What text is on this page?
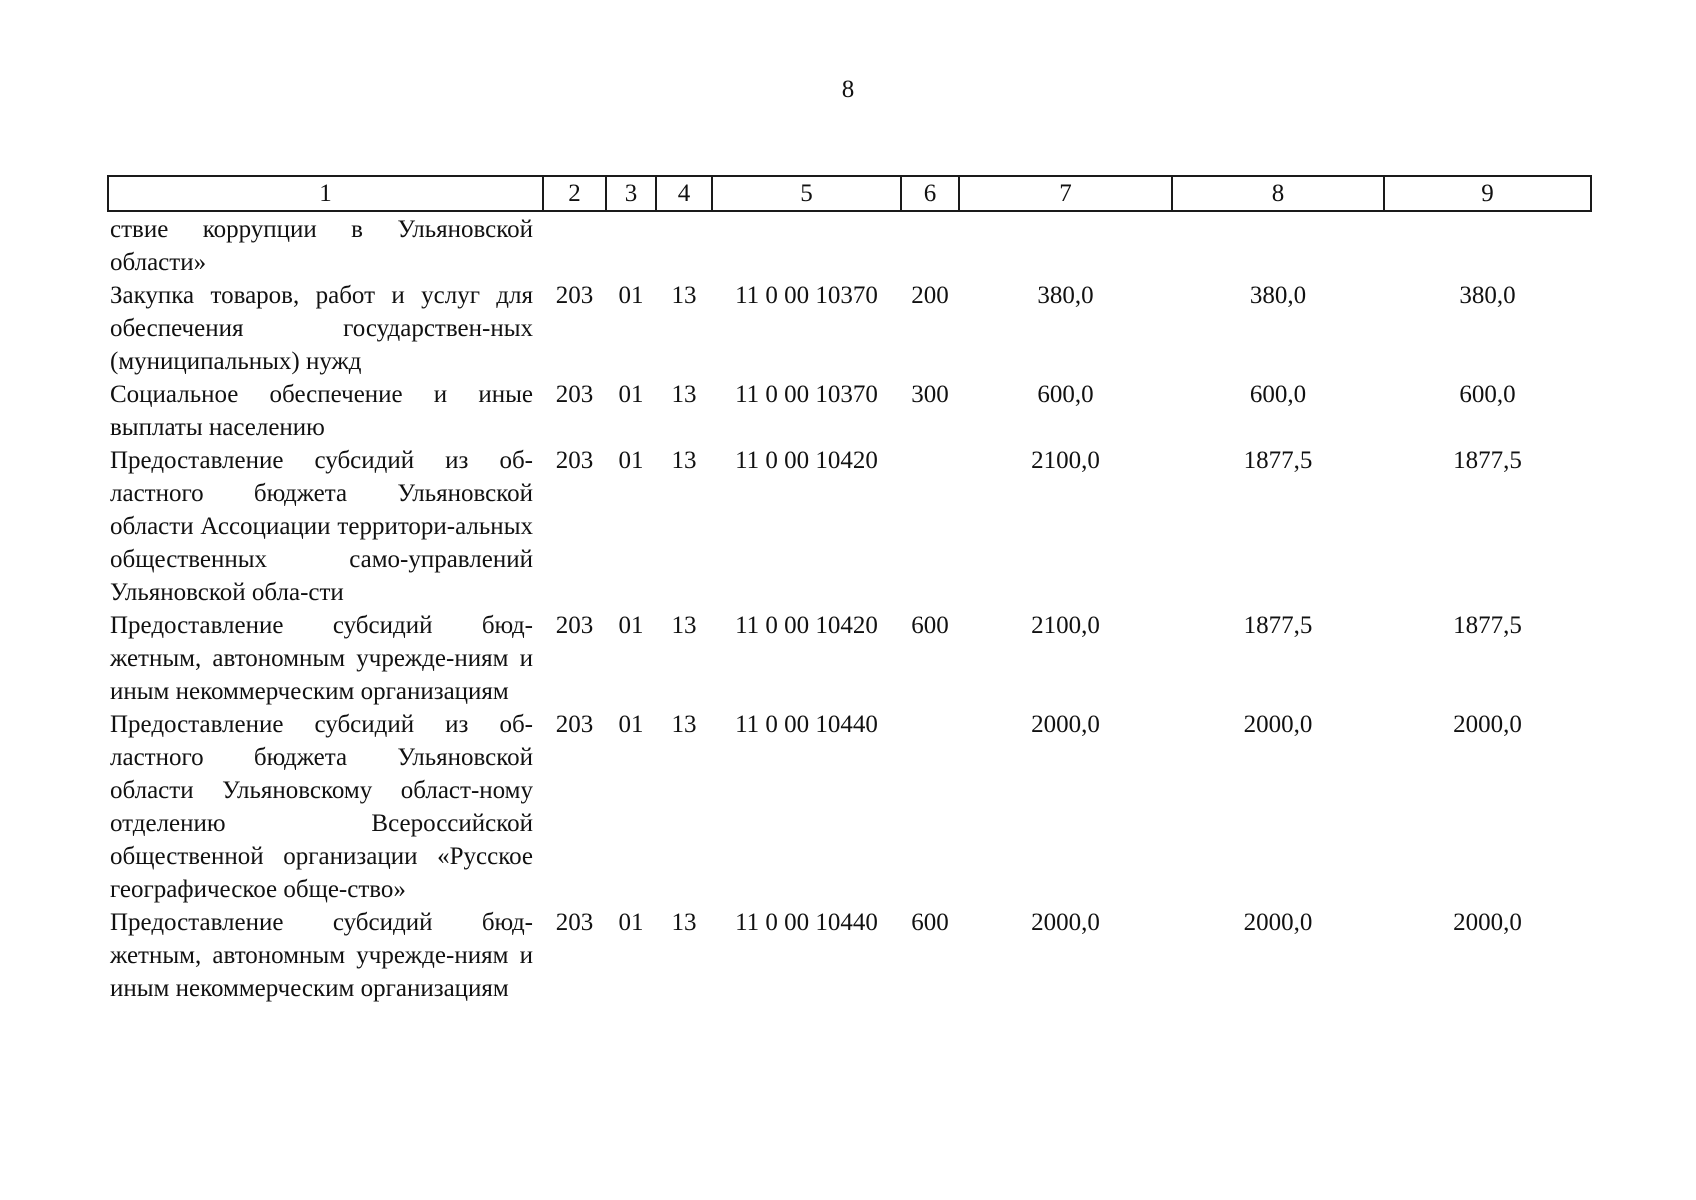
8
1	2	3	4	5	6	7	8	9
ствие коррупции в Ульяновской области»								
Закупка товаров, работ и услуг для обеспечения государствен-ных (муниципальных) нужд	203	01	13	11 0 00 10370	200	380,0	380,0	380,0
Социальное обеспечение и иные выплаты населению	203	01	13	11 0 00 10370	300	600,0	600,0	600,0
Предоставление субсидий из об-ластного бюджета Ульяновской области Ассоциации территори-альных общественных само-управлений Ульяновской обла-сти	203	01	13	11 0 00 10420		2100,0	1877,5	1877,5
Предоставление субсидий бюд-жетным, автономным учрежде-ниям и иным некоммерческим организациям	203	01	13	11 0 00 10420	600	2100,0	1877,5	1877,5
Предоставление субсидий из об-ластного бюджета Ульяновской области Ульяновскому област-ному отделению Всероссийской общественной организации «Русское географическое обще-ство»	203	01	13	11 0 00 10440		2000,0	2000,0	2000,0
Предоставление субсидий бюд-жетным, автономным учрежде-ниям и иным некоммерческим организациям	203	01	13	11 0 00 10440	600	2000,0	2000,0	2000,0
